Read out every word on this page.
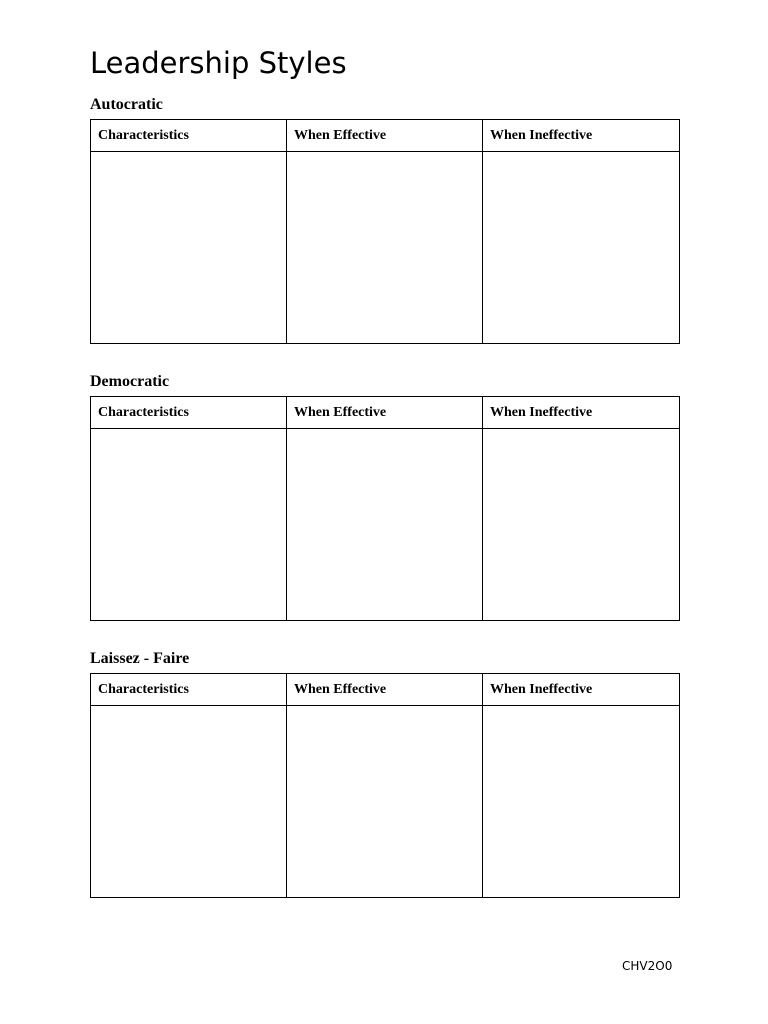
Leadership Styles
Autocratic
Characteristics	When Effective	When Ineffective

Democratic
Characteristics	When Effective	When Ineffective

Laissez - Faire
Characteristics	When Effective	When Ineffective

CHV2O0
